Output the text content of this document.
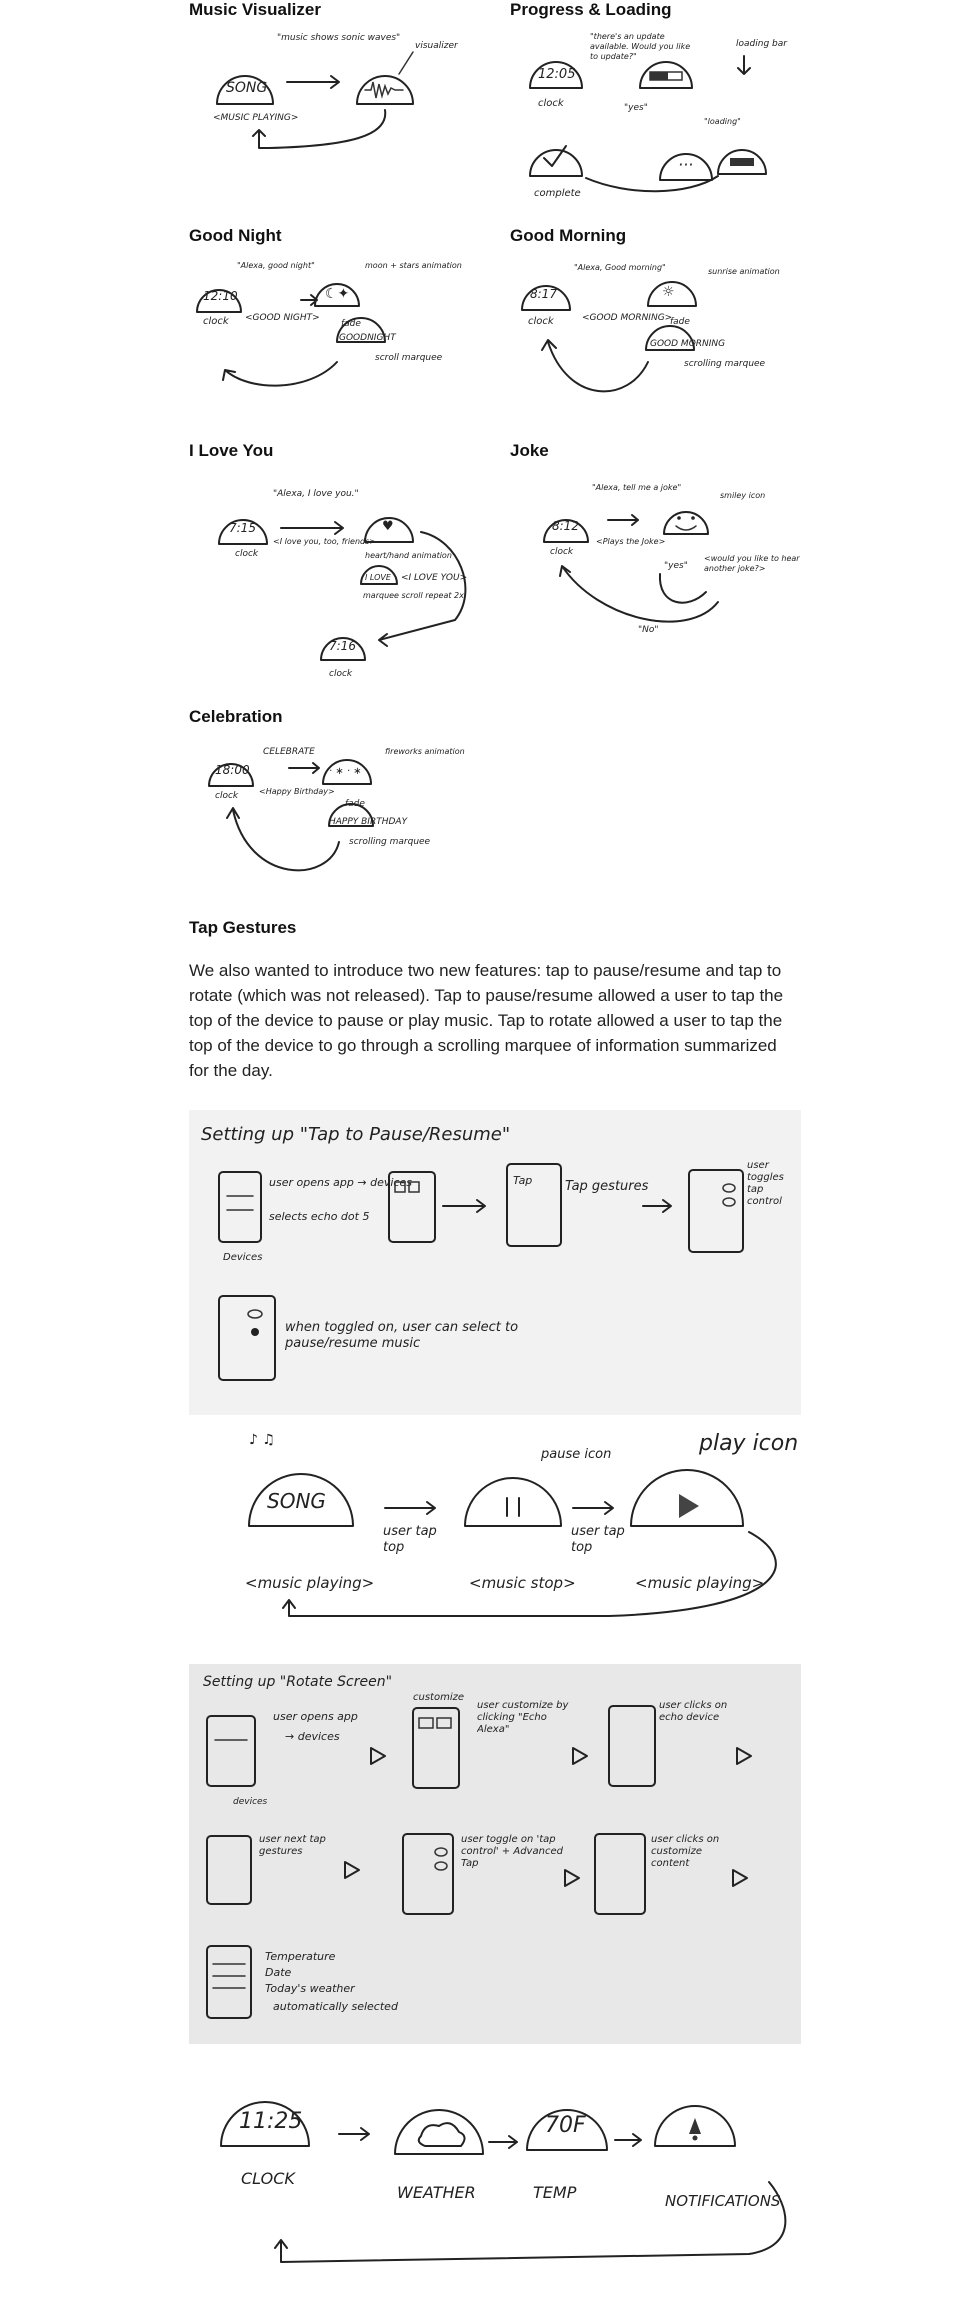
Music Visualizer
SONG
<MUSIC PLAYING>
"music shows sonic waves"
visualizer
Progress & Loading
12:05
clock
"there's an update available. Would you like to update?"
"yes"
loading bar
···
"loading"
complete
Good Night
12:10
clock
"Alexa, good night"
<GOOD NIGHT>
☾✦
moon + stars animation
fade
GOODNIGHT
scroll marquee
Good Morning
8:17
clock
"Alexa, Good morning"
<GOOD MORNING>
☼
sunrise animation
fade
GOOD MORNING
scrolling marquee
I Love You
7:15
clock
"Alexa, I love you."
<I love you, too, friends>
♥
heart/hand animation
I LOVE <I LOVE YOU>
marquee scroll repeat 2x
7:16
clock
Joke
8:12
clock
"Alexa, tell me a joke"
<Plays the Joke>
smiley icon
"yes"
<would you like to hear another joke?>
"No"
Celebration
18:00
clock
CELEBRATE
<Happy Birthday>
· ∗ · ∗ ·
fireworks animation
fade
HAPPY BIRTHDAY
scrolling marquee
Tap Gestures

We also wanted to introduce two new features: tap to pause/resume and tap to rotate (which was not released). Tap to pause/resume allowed a user to tap the top of the device to pause or play music. Tap to rotate allowed a user to tap the top of the device to go through a scrolling marquee of information summarized for the day.

Setting up "Tap to Pause/Resume"
Devices
user opens app → devices
selects echo dot 5
Tap	Tap gestures
user toggles tap control
when toggled on, user can select to pause/resume music
♪ ♫
SONG
<music playing>
user tap top
pause icon
<music stop>
user tap top
play icon
<music playing>
Setting up "Rotate Screen"
user opens app
→ devices
devices
customize
user customize by clicking "Echo Alexa"
user clicks on echo device
user next tap gestures
user toggle on 'tap control' + Advanced Tap
user clicks on customize content
Temperature
Date
Today's weather
automatically selected
11:25
CLOCK
WEATHER
70F
TEMP	NOTIFICATIONS
